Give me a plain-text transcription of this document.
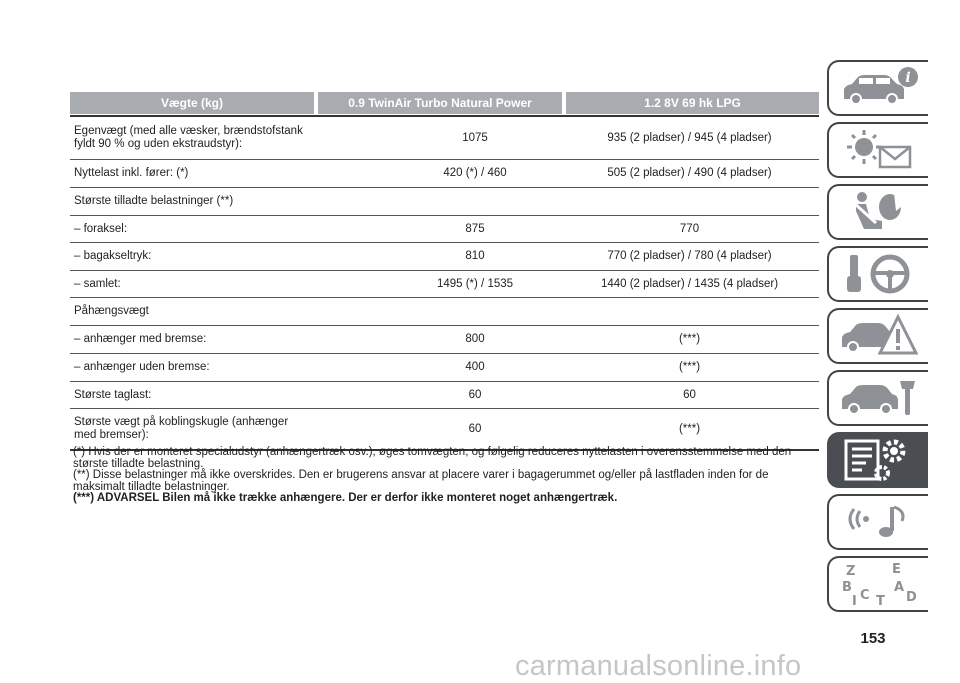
Vægte (kg)	0.9 TwinAir Turbo Natural Power	1.2 8V 69 hk LPG
Egenvægt (med alle væsker, brændstofstank
fyldt 90 % og uden ekstraudstyr):
1075	935 (2 pladser) / 945 (4 pladser)
Nyttelast inkl. fører: (*)	420 (*) / 460	505 (2 pladser) / 490 (4 pladser)
Største tilladte belastninger (**)
– foraksel:	875	770
– bagakseltryk:	810	770 (2 pladser) / 780 (4 pladser)
– samlet:	1495 (*) / 1535	1440 (2 pladser) / 1435 (4 pladser)
Påhængsvægt
– anhænger med bremse:	800	(***)
– anhænger uden bremse:	400	(***)
Største taglast:	60	60
Største vægt på koblingskugle (anhænger
med bremser):
60	(***)

(*) Hvis der er monteret specialudstyr (anhængertræk osv.), øges tomvægten, og følgelig reduceres nyttelasten i overensstemmelse med den største tilladte belastning.

(**) Disse belastninger må ikke overskrides. Den er brugerens ansvar at placere varer i bagagerummet og/eller på lastfladen inden for de maksimalt tilladte belastninger.

(***) ADVARSEL Bilen må ikke trække anhængere. Der er derfor ikke monteret noget anhængertræk.

i
Z	E
B	A
C T
I	D
153
carmanualsonline.info
